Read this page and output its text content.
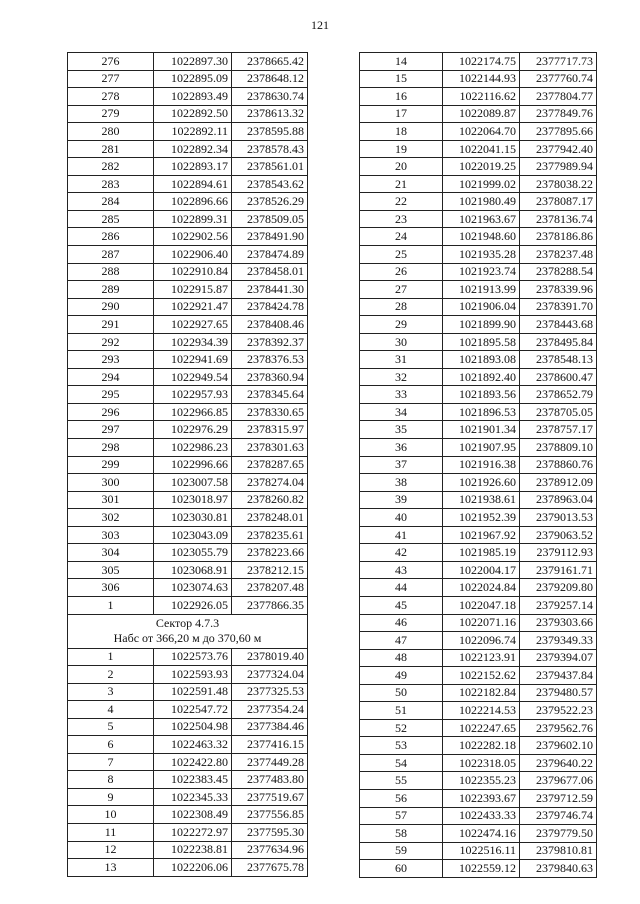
121
276	1022897.30	2378665.42
277	1022895.09	2378648.12
278	1022893.49	2378630.74
279	1022892.50	2378613.32
280	1022892.11	2378595.88
281	1022892.34	2378578.43
282	1022893.17	2378561.01
283	1022894.61	2378543.62
284	1022896.66	2378526.29
285	1022899.31	2378509.05
286	1022902.56	2378491.90
287	1022906.40	2378474.89
288	1022910.84	2378458.01
289	1022915.87	2378441.30
290	1022921.47	2378424.78
291	1022927.65	2378408.46
292	1022934.39	2378392.37
293	1022941.69	2378376.53
294	1022949.54	2378360.94
295	1022957.93	2378345.64
296	1022966.85	2378330.65
297	1022976.29	2378315.97
298	1022986.23	2378301.63
299	1022996.66	2378287.65
300	1023007.58	2378274.04
301	1023018.97	2378260.82
302	1023030.81	2378248.01
303	1023043.09	2378235.61
304	1023055.79	2378223.66
305	1023068.91	2378212.15
306	1023074.63	2378207.48
1	1022926.05	2377866.35

Сектор 4.7.3
Набс от 366,20 м до 370,60 м		

1	1022573.76	2378019.40
2	1022593.93	2377324.04
3	1022591.48	2377325.53
4	1022547.72	2377354.24
5	1022504.98	2377384.46
6	1022463.32	2377416.15
7	1022422.80	2377449.28
8	1022383.45	2377483.80
9	1022345.33	2377519.67
10	1022308.49	2377556.85
11	1022272.97	2377595.30
12	1022238.81	2377634.96
13	1022206.06	2377675.78
14	1022174.75	2377717.73
15	1022144.93	2377760.74
16	1022116.62	2377804.77
17	1022089.87	2377849.76
18	1022064.70	2377895.66
19	1022041.15	2377942.40
20	1022019.25	2377989.94
21	1021999.02	2378038.22
22	1021980.49	2378087.17
23	1021963.67	2378136.74
24	1021948.60	2378186.86
25	1021935.28	2378237.48
26	1021923.74	2378288.54
27	1021913.99	2378339.96
28	1021906.04	2378391.70
29	1021899.90	2378443.68
30	1021895.58	2378495.84
31	1021893.08	2378548.13
32	1021892.40	2378600.47
33	1021893.56	2378652.79
34	1021896.53	2378705.05
35	1021901.34	2378757.17
36	1021907.95	2378809.10
37	1021916.38	2378860.76
38	1021926.60	2378912.09
39	1021938.61	2378963.04
40	1021952.39	2379013.53
41	1021967.92	2379063.52
42	1021985.19	2379112.93
43	1022004.17	2379161.71
44	1022024.84	2379209.80
45	1022047.18	2379257.14
46	1022071.16	2379303.66
47	1022096.74	2379349.33
48	1022123.91	2379394.07
49	1022152.62	2379437.84
50	1022182.84	2379480.57
51	1022214.53	2379522.23
52	1022247.65	2379562.76
53	1022282.18	2379602.10
54	1022318.05	2379640.22
55	1022355.23	2379677.06
56	1022393.67	2379712.59
57	1022433.33	2379746.74
58	1022474.16	2379779.50
59	1022516.11	2379810.81
60	1022559.12	2379840.63
